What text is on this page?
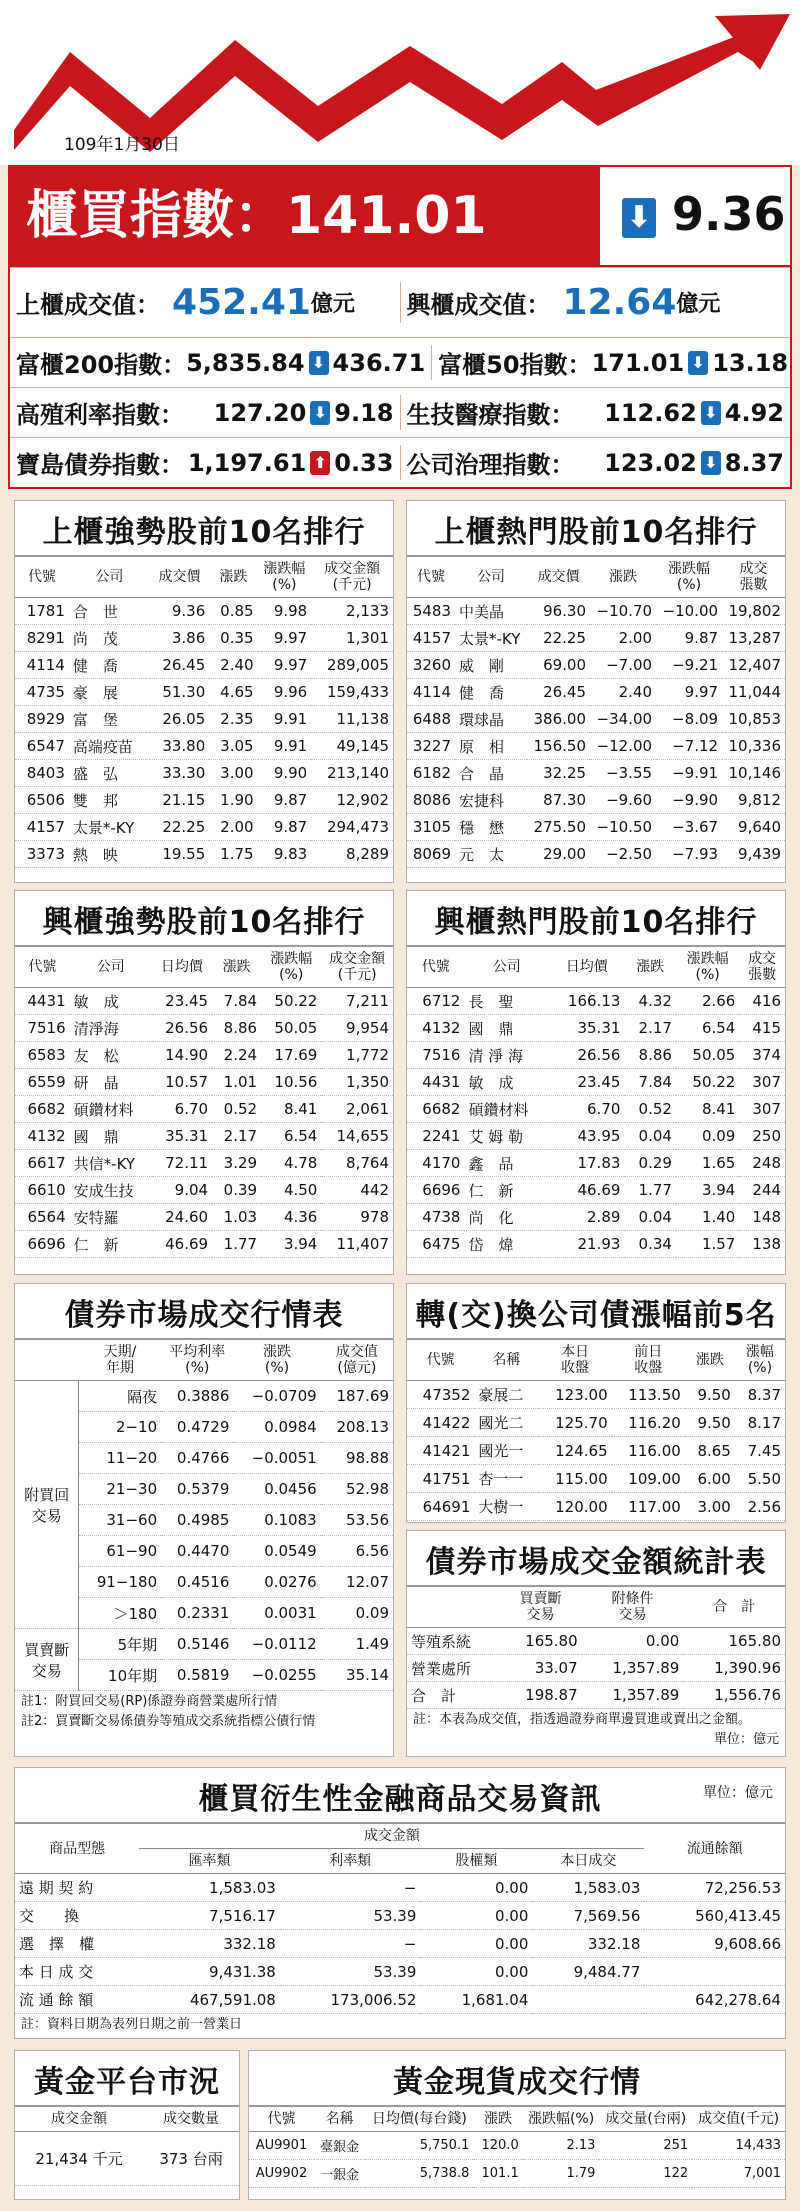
109年1月30日
櫃買指數：141.01	⬇ 9.36
上櫃成交值： 452.41 億元 興櫃成交值： 12.64 億元
富櫃200指數： 5,835.84 ⬇ 436.71 富櫃50指數： 171.01 ⬇ 13.18
高殖利率指數： 127.20 ⬇ 9.18 生技醫療指數： 112.62 ⬇ 4.92
寶島債券指數： 1,197.61 ⬆ 0.33 公司治理指數： 123.02 ⬇ 8.37
上櫃強勢股前10名排行
代號	公司	成交價	漲跌	漲跌幅
(%)	成交金額
(千元)
1781	合　世	9.36	0.85	9.98	2,133
8291	尚　茂	3.86	0.35	9.97	1,301
4114	健　喬	26.45	2.40	9.97	289,005
4735	豪　展	51.30	4.65	9.96	159,433
8929	富　堡	26.05	2.35	9.91	11,138
6547	高端疫苗	33.80	3.05	9.91	49,145
8403	盛　弘	33.30	3.00	9.90	213,140
6506	雙　邦	21.15	1.90	9.87	12,902
4157	太景*-KY	22.25	2.00	9.87	294,473
3373	熱　映	19.55	1.75	9.83	8,289
上櫃熱門股前10名排行
代號	公司	成交價	漲跌	漲跌幅
(%)	成交
張數
5483	中美晶	96.30	−10.70	−10.00	19,802
4157	太景*-KY	22.25	2.00	9.87	13,287
3260	威　剛	69.00	−7.00	−9.21	12,407
4114	健　喬	26.45	2.40	9.97	11,044
6488	環球晶	386.00	−34.00	−8.09	10,853
3227	原　相	156.50	−12.00	−7.12	10,336
6182	合　晶	32.25	−3.55	−9.91	10,146
8086	宏捷科	87.30	−9.60	−9.90	9,812
3105	穩　懋	275.50	−10.50	−3.67	9,640
8069	元　太	29.00	−2.50	−7.93	9,439
興櫃強勢股前10名排行
代號	公司	日均價	漲跌	漲跌幅
(%)	成交金額
(千元)
4431	敏　成	23.45	7.84	50.22	7,211
7516	清淨海	26.56	8.86	50.05	9,954
6583	友　松	14.90	2.24	17.69	1,772
6559	研　晶	10.57	1.01	10.56	1,350
6682	碩鑽材料	6.70	0.52	8.41	2,061
4132	國　鼎	35.31	2.17	6.54	14,655
6617	共信*-KY	72.11	3.29	4.78	8,764
6610	安成生技	9.04	0.39	4.50	442
6564	安特羅	24.60	1.03	4.36	978
6696	仁　新	46.69	1.77	3.94	11,407
興櫃熱門股前10名排行
代號	公司	日均價	漲跌	漲跌幅
(%)	成交
張數
6712	長　聖	166.13	4.32	2.66	416
4132	國　鼎	35.31	2.17	6.54	415
7516	清 淨 海	26.56	8.86	50.05	374
4431	敏　成	23.45	7.84	50.22	307
6682	碩鑽材料	6.70	0.52	8.41	307
2241	艾 姆 勒	43.95	0.04	0.09	250
4170	鑫　品	17.83	0.29	1.65	248
6696	仁　新	46.69	1.77	3.94	244
4738	尚　化	2.89	0.04	1.40	148
6475	岱　煒	21.93	0.34	1.57	138
債券市場成交行情表
	天期/
年期	平均利率
(%)	漲跌
(%)	成交值
(億元)
附買回
交易	隔夜	0.3886	−0.0709	187.69
	2−10	0.4729	0.0984	208.13
	11−20	0.4766	−0.0051	98.88
	21−30	0.5379	0.0456	52.98
	31−60	0.4985	0.1083	53.56
	61−90	0.4470	0.0549	6.56
	91−180	0.4516	0.0276	12.07
	＞180	0.2331	0.0031	0.09
買賣斷
交易	5年期	0.5146	−0.0112	1.49
	10年期	0.5819	−0.0255	35.14
註1：附買回交易(RP)係證券商營業處所行情
註2：買賣斷交易係債券等殖成交系統指標公債行情
轉(交)換公司債漲幅前5名
代號	名稱	本日
收盤	前日
收盤	漲跌	漲幅
(%)
47352	豪展二	123.00	113.50	9.50	8.37
41422	國光二	125.70	116.20	9.50	8.17
41421	國光一	124.65	116.00	8.65	7.45
41751	杏一一	115.00	109.00	6.00	5.50
64691	大樹一	120.00	117.00	3.00	2.56
債券市場成交金額統計表
	買賣斷
交易	附條件
交易	合　計
等殖系統	165.80	0.00	165.80
營業處所	33.07	1,357.89	1,390.96
合　計	198.87	1,357.89	1,556.76
註：本表為成交值，指透過證券商單邊買進或賣出之金額。
單位：億元
櫃買衍生性金融商品交易資訊	單位：億元
商品型態	成交金額				流通餘額
	匯率類	利率類	股權類	本日成交	
遠 期 契 約	1,583.03	−	0.00	1,583.03	72,256.53
交　　換	7,516.17	53.39	0.00	7,569.56	560,413.45
選　擇　權	332.18	−	0.00	332.18	9,608.66
本 日 成 交	9,431.38	53.39	0.00	9,484.77	
流 通 餘 額	467,591.08	173,006.52	1,681.04		642,278.64
註：資料日期為表列日期之前一營業日
黃金平台市況
成交金額	成交數量
21,434 千元	373 台兩
黃金現貨成交行情
代號	名稱	日均價(每台錢)	漲跌	漲跌幅(%)	成交量(台兩)	成交值(千元)
AU9901	臺銀金	5,750.1	120.0	2.13	251	14,433
AU9902	一銀金	5,738.8	101.1	1.79	122	7,001
